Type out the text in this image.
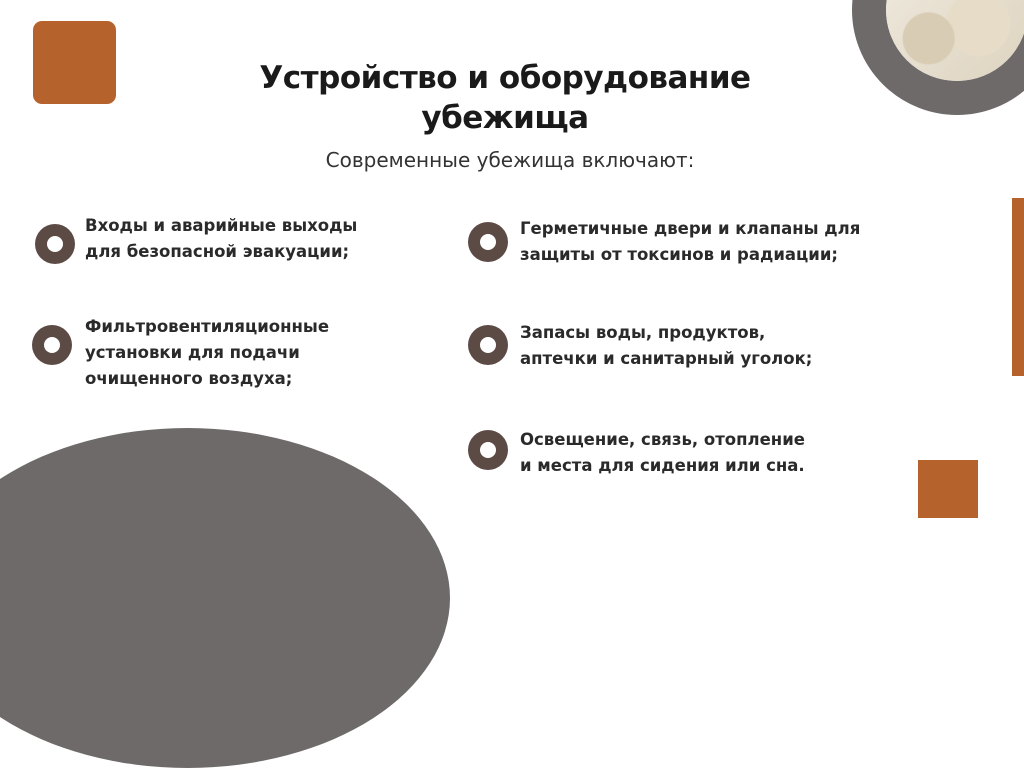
Устройство и оборудование
убежища

Современные убежища включают:

Входы и аварийные выходы
для безопасной эвакуации;

Фильтровентиляционные
установки для подачи
очищенного воздуха;

Герметичные двери и клапаны для
защиты от токсинов и радиации;

Запасы воды, продуктов,
аптечки и санитарный уголок;

Освещение, связь, отопление
и места для сидения или сна.
